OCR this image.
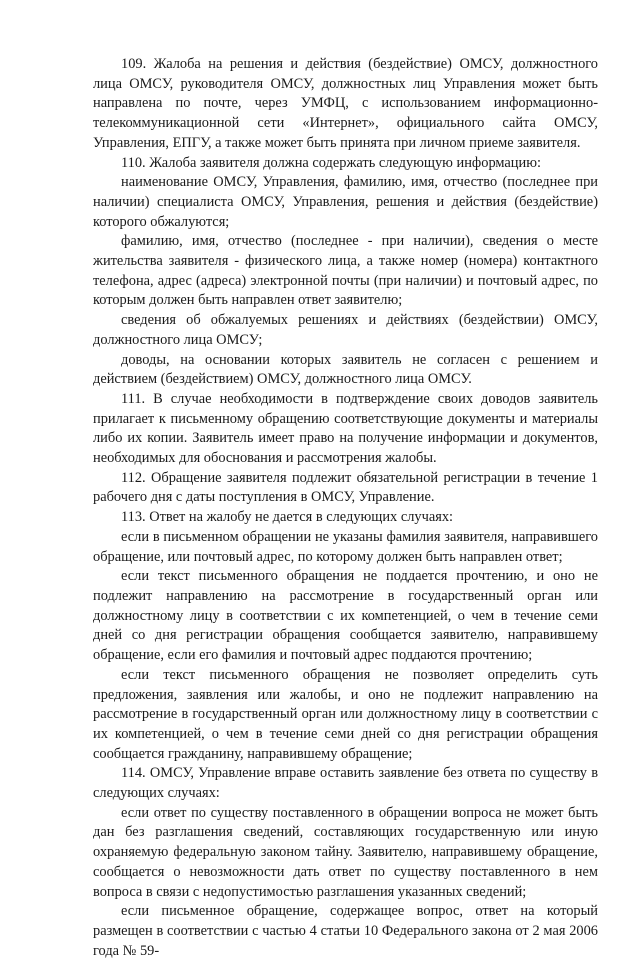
109. Жалоба на решения и действия (бездействие) ОМСУ, должностного лица ОМСУ, руководителя ОМСУ, должностных лиц Управления может быть направлена по почте, через УМФЦ, с использованием информационно-телекоммуникационной сети «Интернет», официального сайта ОМСУ, Управления, ЕПГУ, а также может быть принята при личном приеме заявителя.

110. Жалоба заявителя должна содержать следующую информацию:

наименование ОМСУ, Управления, фамилию, имя, отчество (последнее при наличии) специалиста ОМСУ, Управления, решения и действия (бездействие) которого обжалуются;

фамилию, имя, отчество (последнее - при наличии), сведения о месте жительства заявителя - физического лица, а также номер (номера) контактного телефона, адрес (адреса) электронной почты (при наличии) и почтовый адрес, по которым должен быть направлен ответ заявителю;

сведения об обжалуемых решениях и действиях (бездействии) ОМСУ, должностного лица ОМСУ;

доводы, на основании которых заявитель не согласен с решением и действием (бездействием) ОМСУ, должностного лица ОМСУ.

111. В случае необходимости в подтверждение своих доводов заявитель прилагает к письменному обращению соответствующие документы и материалы либо их копии. Заявитель имеет право на получение информации и документов, необходимых для обоснования и рассмотрения жалобы.

112. Обращение заявителя подлежит обязательной регистрации в течение 1 рабочего дня с даты поступления в ОМСУ, Управление.

113. Ответ на жалобу не дается в следующих случаях:

если в письменном обращении не указаны фамилия заявителя, направившего обращение, или почтовый адрес, по которому должен быть направлен ответ;

если текст письменного обращения не поддается прочтению, и оно не подлежит направлению на рассмотрение в государственный орган или должностному лицу в соответствии с их компетенцией, о чем в течение семи дней со дня регистрации обращения сообщается заявителю, направившему обращение, если его фамилия и почтовый адрес поддаются прочтению;

если текст письменного обращения не позволяет определить суть предложения, заявления или жалобы, и оно не подлежит направлению на рассмотрение в государственный орган или должностному лицу в соответствии с их компетенцией, о чем в течение семи дней со дня регистрации обращения сообщается гражданину, направившему обращение;

114. ОМСУ, Управление вправе оставить заявление без ответа по существу в следующих случаях:

если ответ по существу поставленного в обращении вопроса не может быть дан без разглашения сведений, составляющих государственную или иную охраняемую федеральную законом тайну. Заявителю, направившему обращение, сообщается о невозможности дать ответ по существу поставленного в нем вопроса в связи с недопустимостью разглашения указанных сведений;

если письменное обращение, содержащее вопрос, ответ на который размещен в соответствии с частью 4 статьи 10 Федерального закона от 2 мая 2006 года № 59-
